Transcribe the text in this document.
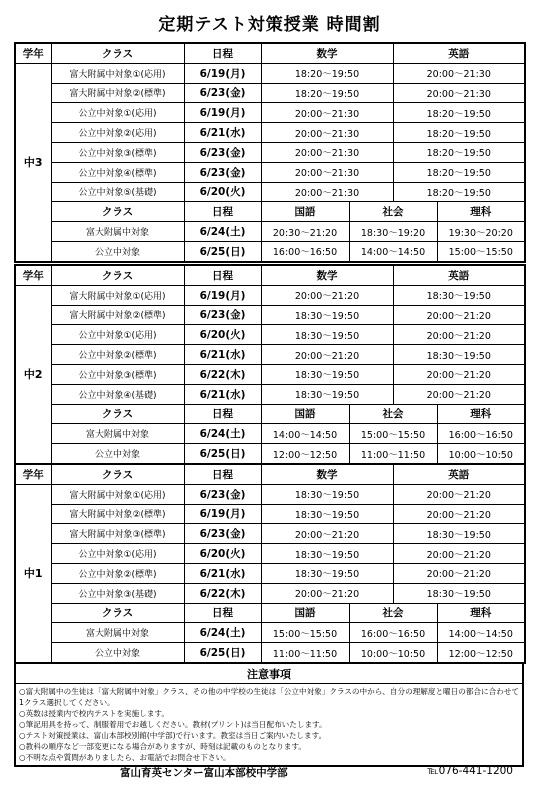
定期テスト対策授業 時間割
学年	クラス	日程	数学		英語	
中3	富大附属中対象①(応用)	6/19(月)	18:20～19:50		20:00～21:30	
	富大附属中対象②(標準)	6/23(金)	18:20～19:50		20:00～21:30	
	公立中対象①(応用)	6/19(月)	20:00～21:30		18:20～19:50	
	公立中対象②(応用)	6/21(水)	20:00～21:30		18:20～19:50	
	公立中対象③(標準)	6/23(金)	20:00～21:30		18:20～19:50	
	公立中対象④(標準)	6/23(金)	20:00～21:30		18:20～19:50	
	公立中対象⑤(基礎)	6/20(火)	20:00～21:30		18:20～19:50	
	クラス	日程	国語	社会		理科
	富大附属中対象	6/24(土)	20:30～21:20	18:30～19:20		19:30～20:20
	公立中対象	6/25(日)	16:00～16:50	14:00～14:50		15:00～15:50
学年	クラス	日程	数学		英語	
中2	富大附属中対象①(応用)	6/19(月)	20:00～21:20		18:30～19:50	
	富大附属中対象②(標準)	6/23(金)	18:30～19:50		20:00～21:20	
	公立中対象①(応用)	6/20(火)	18:30～19:50		20:00～21:20	
	公立中対象②(標準)	6/21(水)	20:00～21:20		18:30～19:50	
	公立中対象③(標準)	6/22(木)	18:30～19:50		20:00～21:20	
	公立中対象④(基礎)	6/21(水)	18:30～19:50		20:00～21:20	
	クラス	日程	国語	社会		理科
	富大附属中対象	6/24(土)	14:00～14:50	15:00～15:50		16:00～16:50
	公立中対象	6/25(日)	12:00～12:50	11:00～11:50		10:00～10:50
学年	クラス	日程	数学		英語	
中1	富大附属中対象①(応用)	6/23(金)	18:30～19:50		20:00～21:20	
	富大附属中対象②(標準)	6/19(月)	18:30～19:50		20:00～21:20	
	富大附属中対象③(標準)	6/23(金)	20:00～21:20		18:30～19:50	
	公立中対象①(応用)	6/20(火)	18:30～19:50		20:00～21:20	
	公立中対象②(標準)	6/21(水)	18:30～19:50		20:00～21:20	
	公立中対象③(基礎)	6/22(木)	20:00～21:20		18:30～19:50	
	クラス	日程	国語	社会		理科
	富大附属中対象	6/24(土)	15:00～15:50	16:00～16:50		14:00～14:50
	公立中対象	6/25(日)	11:00～11:50	10:00～10:50		12:00～12:50
注意事項
○富大附属中の生徒は「富大附属中対象」クラス、その他の中学校の生徒は「公立中対象」クラスの中から、自分の理解度と曜日の都合に合わせて1クラス選択してください。
○英数は授業内で校内テストを実施します。
○筆記用具を持って、制服着用でお越しください。教材(プリント)は当日配布いたします。
○テスト対策授業は、富山本部校別館(中学部)で行います。教室は当日ご案内いたします。
○教科の順序など一部変更になる場合がありますが、時刻は記載のものとなります。
○不明な点や質問がありましたら、お電話でお問合せ下さい。
富山育英センター富山本部校中学部	℡076-441-1200
